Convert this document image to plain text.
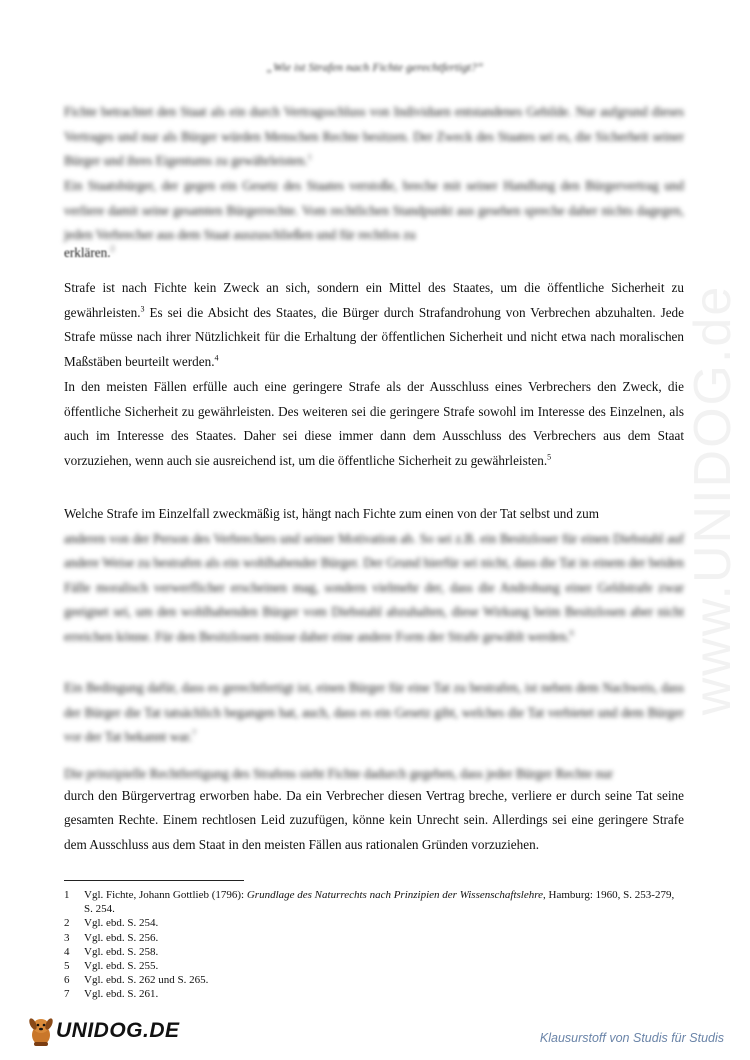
www.UNIDOG.de
„Wie ist Strafen nach Fichte gerechtfertigt?“

Fichte betrachtet den Staat als ein durch Vertragsschluss von Individuen entstandenes Gebilde. Nur aufgrund dieses Vertrages und nur als Bürger würden Menschen Rechte besitzen. Der Zweck des Staates sei es, die Sicherheit seiner Bürger und ihres Eigentums zu gewährleisten.$^1$

Ein Staatsbürger, der gegen ein Gesetz des Staates verstoße, breche mit seiner Handlung den Bürgervertrag und verliere damit seine gesamten Bürgerrechte. Vom rechtlichen Standpunkt aus gesehen spreche daher nichts dagegen, jeden Verbrecher aus dem Staat auszuschließen und für rechtlos zu

erklären.$^2$

Strafe ist nach Fichte kein Zweck an sich, sondern ein Mittel des Staates, um die öffentliche Sicherheit zu gewährleisten.$^3$ Es sei die Absicht des Staates, die Bürger durch Strafandrohung von Verbrechen abzuhalten. Jede Strafe müsse nach ihrer Nützlichkeit für die Erhaltung der öffentlichen Sicherheit und nicht etwa nach moralischen Maßstäben beurteilt werden.$^4$

In den meisten Fällen erfülle auch eine geringere Strafe als der Ausschluss eines Verbrechers den Zweck, die öffentliche Sicherheit zu gewährleisten. Des weiteren sei die geringere Strafe sowohl im Interesse des Einzelnen, als auch im Interesse des Staates. Daher sei diese immer dann dem Ausschluss des Verbrechers aus dem Staat vorzuziehen, wenn auch sie ausreichend ist, um die öffentliche Sicherheit zu gewährleisten.$^5$

Welche Strafe im Einzelfall zweckmäßig ist, hängt nach Fichte zum einen von der Tat selbst und zum

anderen von der Person des Verbrechers und seiner Motivation ab. So sei z.B. ein Besitzloser für einen Diebstahl auf andere Weise zu bestrafen als ein wohlhabender Bürger. Der Grund hierfür sei nicht, dass die Tat in einem der beiden Fälle moralisch verwerflicher erscheinen mag, sondern vielmehr der, dass die Androhung einer Geldstrafe zwar geeignet sei, um den wohlhabenden Bürger vom Diebstahl abzuhalten, diese Wirkung beim Besitzlosen aber nicht erreichen könne. Für den Besitzlosen müsse daher eine andere Form der Strafe gewählt werden.$^6$

Ein Bedingung dafür, dass es gerechtfertigt ist, einen Bürger für eine Tat zu bestrafen, ist neben dem Nachweis, dass der Bürger die Tat tatsächlich begangen hat, auch, dass es ein Gesetz gibt, welches die Tat verbietet und dem Bürger vor der Tat bekannt war.$^7$

Die prinzipielle Rechtfertigung des Strafens sieht Fichte dadurch gegeben, dass jeder Bürger Rechte nur

durch den Bürgervertrag erworben habe. Da ein Verbrecher diesen Vertrag breche, verliere er durch seine Tat seine gesamten Rechte. Einem rechtlosen Leid zuzufügen, könne kein Unrecht sein. Allerdings sei eine geringere Strafe dem Ausschluss aus dem Staat in den meisten Fällen aus rationalen Gründen vorzuziehen.

1	Vgl. Fichte, Johann Gottlieb (1796): Grundlage des Naturrechts nach Prinzipien der Wissenschaftslehre, Hamburg: 1960, S. 253-279, S. 254.
2	Vgl. ebd. S. 254.
3	Vgl. ebd. S. 256.
4	Vgl. ebd. S. 258.
5	Vgl. ebd. S. 255.
6	Vgl. ebd. S. 262 und S. 265.
7	Vgl. ebd. S. 261.
UNIDOG.DE	Klausurstoff von Studis für Studis
